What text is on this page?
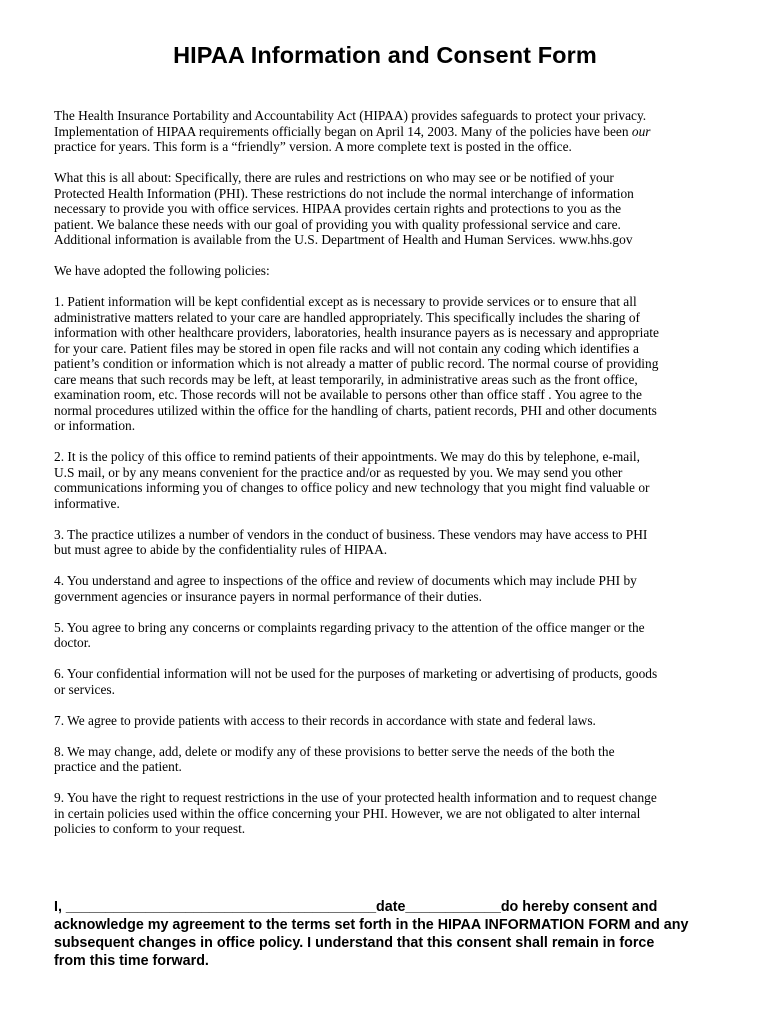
HIPAA Information and Consent Form

The Health Insurance Portability and Accountability Act (HIPAA) provides safeguards to protect your privacy.
Implementation of HIPAA requirements officially began on April 14, 2003. Many of the policies have been our
practice for years. This form is a “friendly” version. A more complete text is posted in the office.

What this is all about: Specifically, there are rules and restrictions on who may see or be notified of your
Protected Health Information (PHI). These restrictions do not include the normal interchange of information
necessary to provide you with office services. HIPAA provides certain rights and protections to you as the
patient. We balance these needs with our goal of providing you with quality professional service and care.
Additional information is available from the U.S. Department of Health and Human Services. www.hhs.gov

We have adopted the following policies:

1. Patient information will be kept confidential except as is necessary to provide services or to ensure that all
administrative matters related to your care are handled appropriately. This specifically includes the sharing of
information with other healthcare providers, laboratories, health insurance payers as is necessary and appropriate
for your care. Patient files may be stored in open file racks and will not contain any coding which identifies a
patient’s condition or information which is not already a matter of public record. The normal course of providing
care means that such records may be left, at least temporarily, in administrative areas such as the front office,
examination room, etc. Those records will not be available to persons other than office staff . You agree to the
normal procedures utilized within the office for the handling of charts, patient records, PHI and other documents
or information.

2. It is the policy of this office to remind patients of their appointments. We may do this by telephone, e-mail,
U.S mail, or by any means convenient for the practice and/or as requested by you. We may send you other
communications informing you of changes to office policy and new technology that you might find valuable or
informative.

3. The practice utilizes a number of vendors in the conduct of business. These vendors may have access to PHI
but must agree to abide by the confidentiality rules of HIPAA.

4. You understand and agree to inspections of the office and review of documents which may include PHI by
government agencies or insurance payers in normal performance of their duties.

5. You agree to bring any concerns or complaints regarding privacy to the attention of the office manger or the
doctor.

6. Your confidential information will not be used for the purposes of marketing or advertising of products, goods
or services.

7. We agree to provide patients with access to their records in accordance with state and federal laws.

8. We may change, add, delete or modify any of these provisions to better serve the needs of the both the
practice and the patient.

9. You have the right to request restrictions in the use of your protected health information and to request change
in certain policies used within the office concerning your PHI. However, we are not obligated to alter internal
policies to conform to your request.

I, _______________________________________date____________do hereby consent and
acknowledge my agreement to the terms set forth in the HIPAA INFORMATION FORM and any
subsequent changes in office policy. I understand that this consent shall remain in force
from this time forward.
